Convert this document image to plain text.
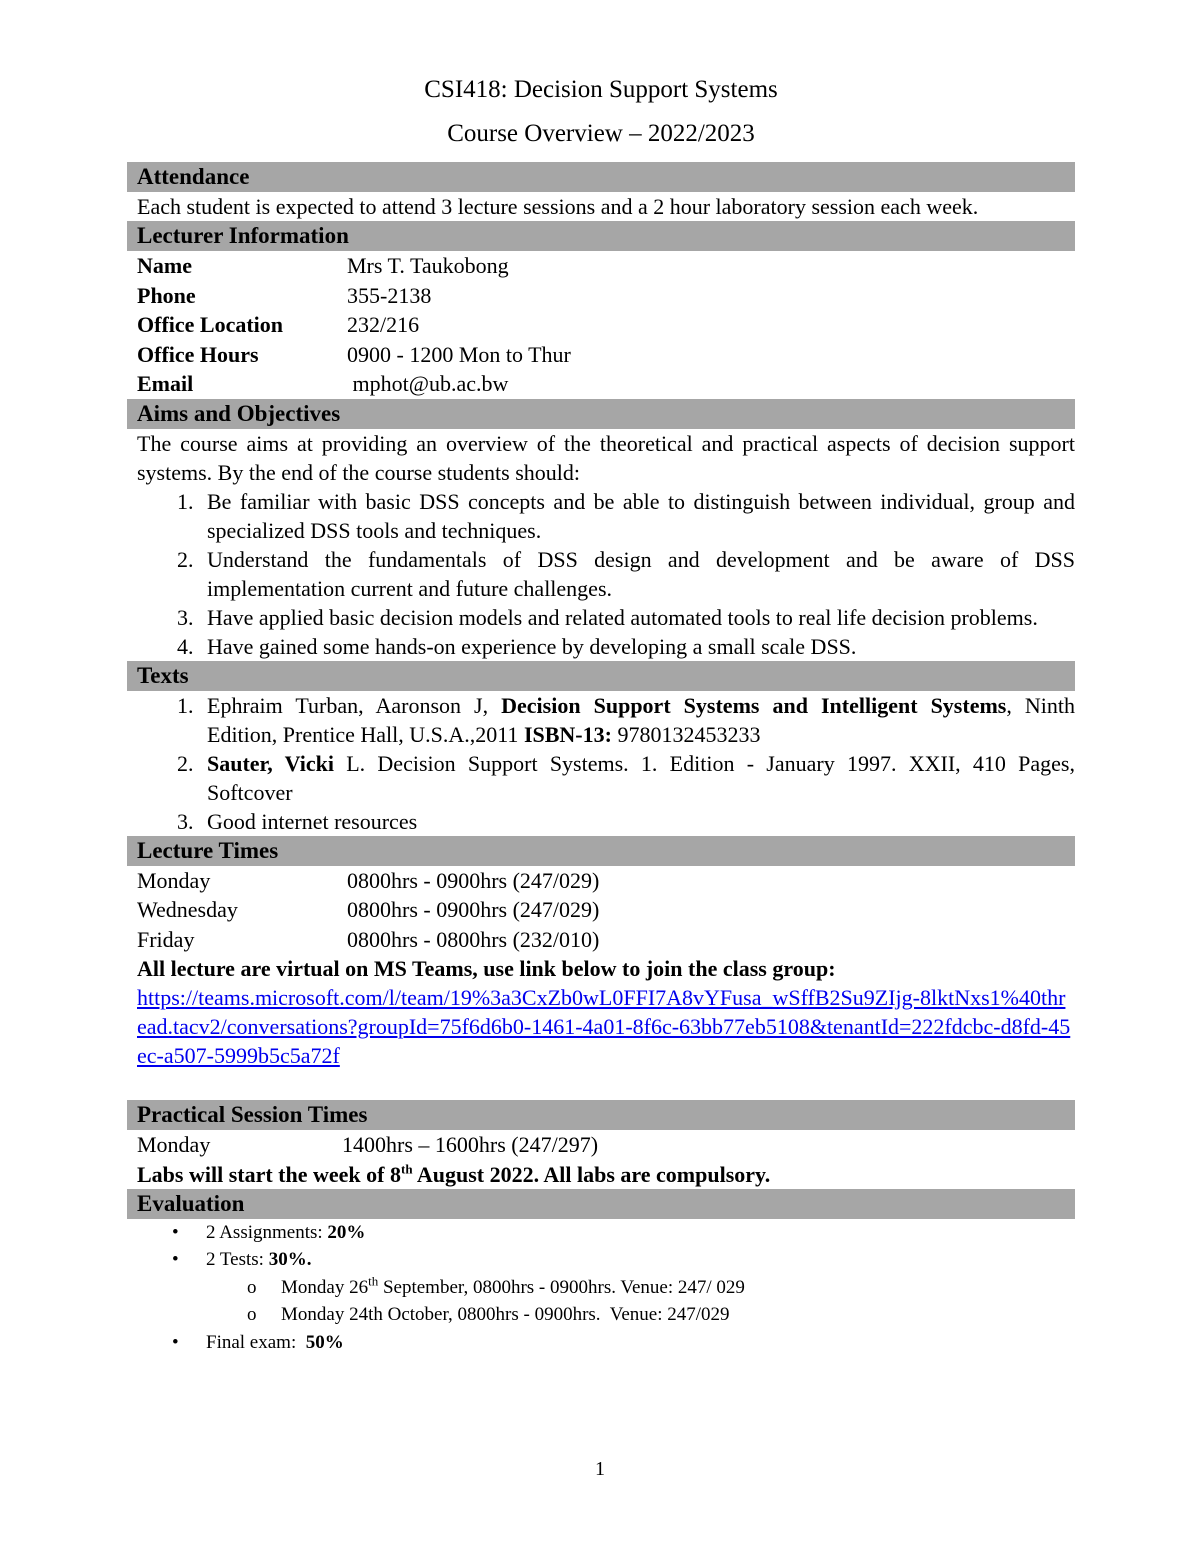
CSI418: Decision Support Systems

Course Overview – 2022/2023

Attendance

Each student is expected to attend 3 lecture sessions and a 2 hour laboratory session each week.

Lecturer Information
Name	Mrs T. Taukobong
Phone	355-2138
Office Location	232/216
Office Hours	0900 - 1200 Mon to Thur
Email	mphot@ub.ac.bw
Aims and Objectives

The course aims at providing an overview of the theoretical and practical aspects of decision support systems. By the end of the course students should:

1. Be familiar with basic DSS concepts and be able to distinguish between individual, group and specialized DSS tools and techniques.
2. Understand the fundamentals of DSS design and development and be aware of DSS implementation current and future challenges.
3. Have applied basic decision models and related automated tools to real life decision problems.
4. Have gained some hands-on experience by developing a small scale DSS.
Texts
1. Ephraim Turban, Aaronson J, Decision Support Systems and Intelligent Systems, Ninth Edition, Prentice Hall, U.S.A.,2011 ISBN-13: 9780132453233
2. Sauter, Vicki L. Decision Support Systems. 1. Edition - January 1997. XXII, 410 Pages, Softcover
3. Good internet resources
Lecture Times
Monday	0800hrs - 0900hrs (247/029)
Wednesday	0800hrs - 0900hrs (247/029)
Friday	0800hrs - 0800hrs (232/010)

All lecture are virtual on MS Teams, use link below to join the class group:

https://teams.microsoft.com/l/team/19%3a3CxZb0wL0FFI7A8vYFusa_wSffB2Su9ZIjg-8lktNxs1%40thread.tacv2/conversations?groupId=75f6d6b0-1461-4a01-8f6c-63bb77eb5108&tenantId=222fdcbc-d8fd-45ec-a507-5999b5c5a72f
Practical Session Times
Monday	1400hrs – 1600hrs (247/297)

Labs will start the week of 8th August 2022. All labs are compulsory.

Evaluation
•	2 Assignments: 20%
•	2 Tests: 30%.
o	Monday 26th September, 0800hrs - 0900hrs. Venue: 247/ 029
o	Monday 24th October, 0800hrs - 0900hrs.  Venue: 247/029
•	Final exam:  50%
1
